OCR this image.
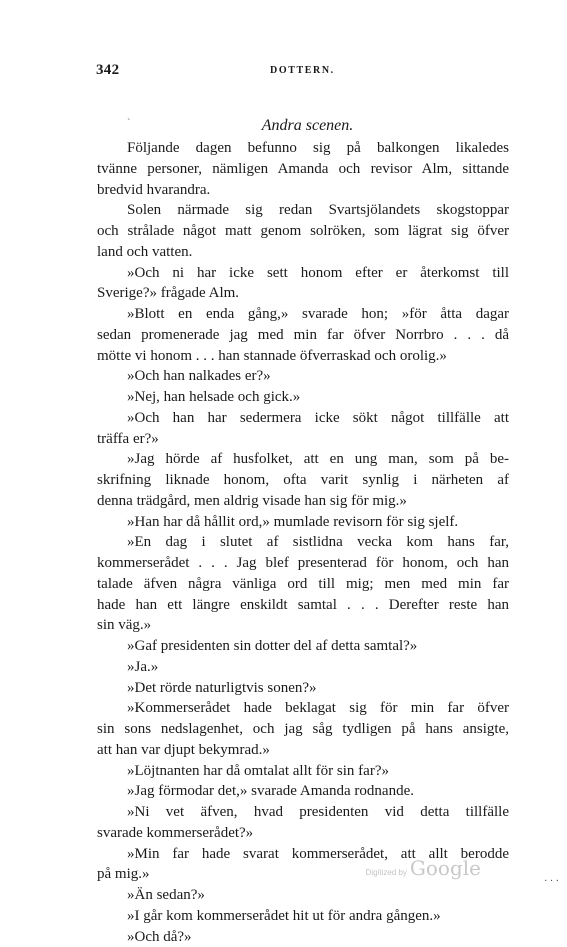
342	DOTTERN.
ˋ	Andra scenen.
Följande dagen befunno sig på balkongen likaledes
tvänne personer, nämligen Amanda och revisor Alm, sittande
bredvid hvarandra.
Solen närmade sig redan Svartsjölandets skogstoppar
och strålade något matt genom solröken, som lägrat sig öfver
land och vatten.
»Och ni har icke sett honom efter er återkomst till
Sverige?» frågade Alm.
»Blott en enda gång,» svarade hon; »för åtta dagar
sedan promenerade jag med min far öfver Norrbro . . . då
mötte vi honom . . . han stannade öfverraskad och orolig.»
»Och han nalkades er?»
»Nej, han helsade och gick.»
»Och han har sedermera icke sökt något tillfälle att
träffa er?»
»Jag hörde af husfolket, att en ung man, som på be-
skrifning liknade honom, ofta varit synlig i närheten af
denna trädgård, men aldrig visade han sig för mig.»
»Han har då hållit ord,» mumlade revisorn för sig sjelf.
»En dag i slutet af sistlidna vecka kom hans far,
kommerserådet . . . Jag blef presenterad för honom, och han
talade äfven några vänliga ord till mig; men med min far
hade han ett längre enskildt samtal . . . Derefter reste han
sin väg.»
»Gaf presidenten sin dotter del af detta samtal?»
»Ja.»
»Det rörde naturligtvis sonen?»
»Kommerserådet hade beklagat sig för min far öfver
sin sons nedslagenhet, och jag såg tydligen på hans ansigte,
att han var djupt bekymrad.»
»Löjtnanten har då omtalat allt för sin far?»
»Jag förmodar det,» svarade Amanda rodnande.
»Ni vet äfven, hvad presidenten vid detta tillfälle
svarade kommerserådet?»
»Min far hade svarat kommerserådet, att allt berodde
på mig.»
»Än sedan?»
»I går kom kommerserådet hit ut för andra gången.»
»Och då?»
Digitized by Google
· · ·
